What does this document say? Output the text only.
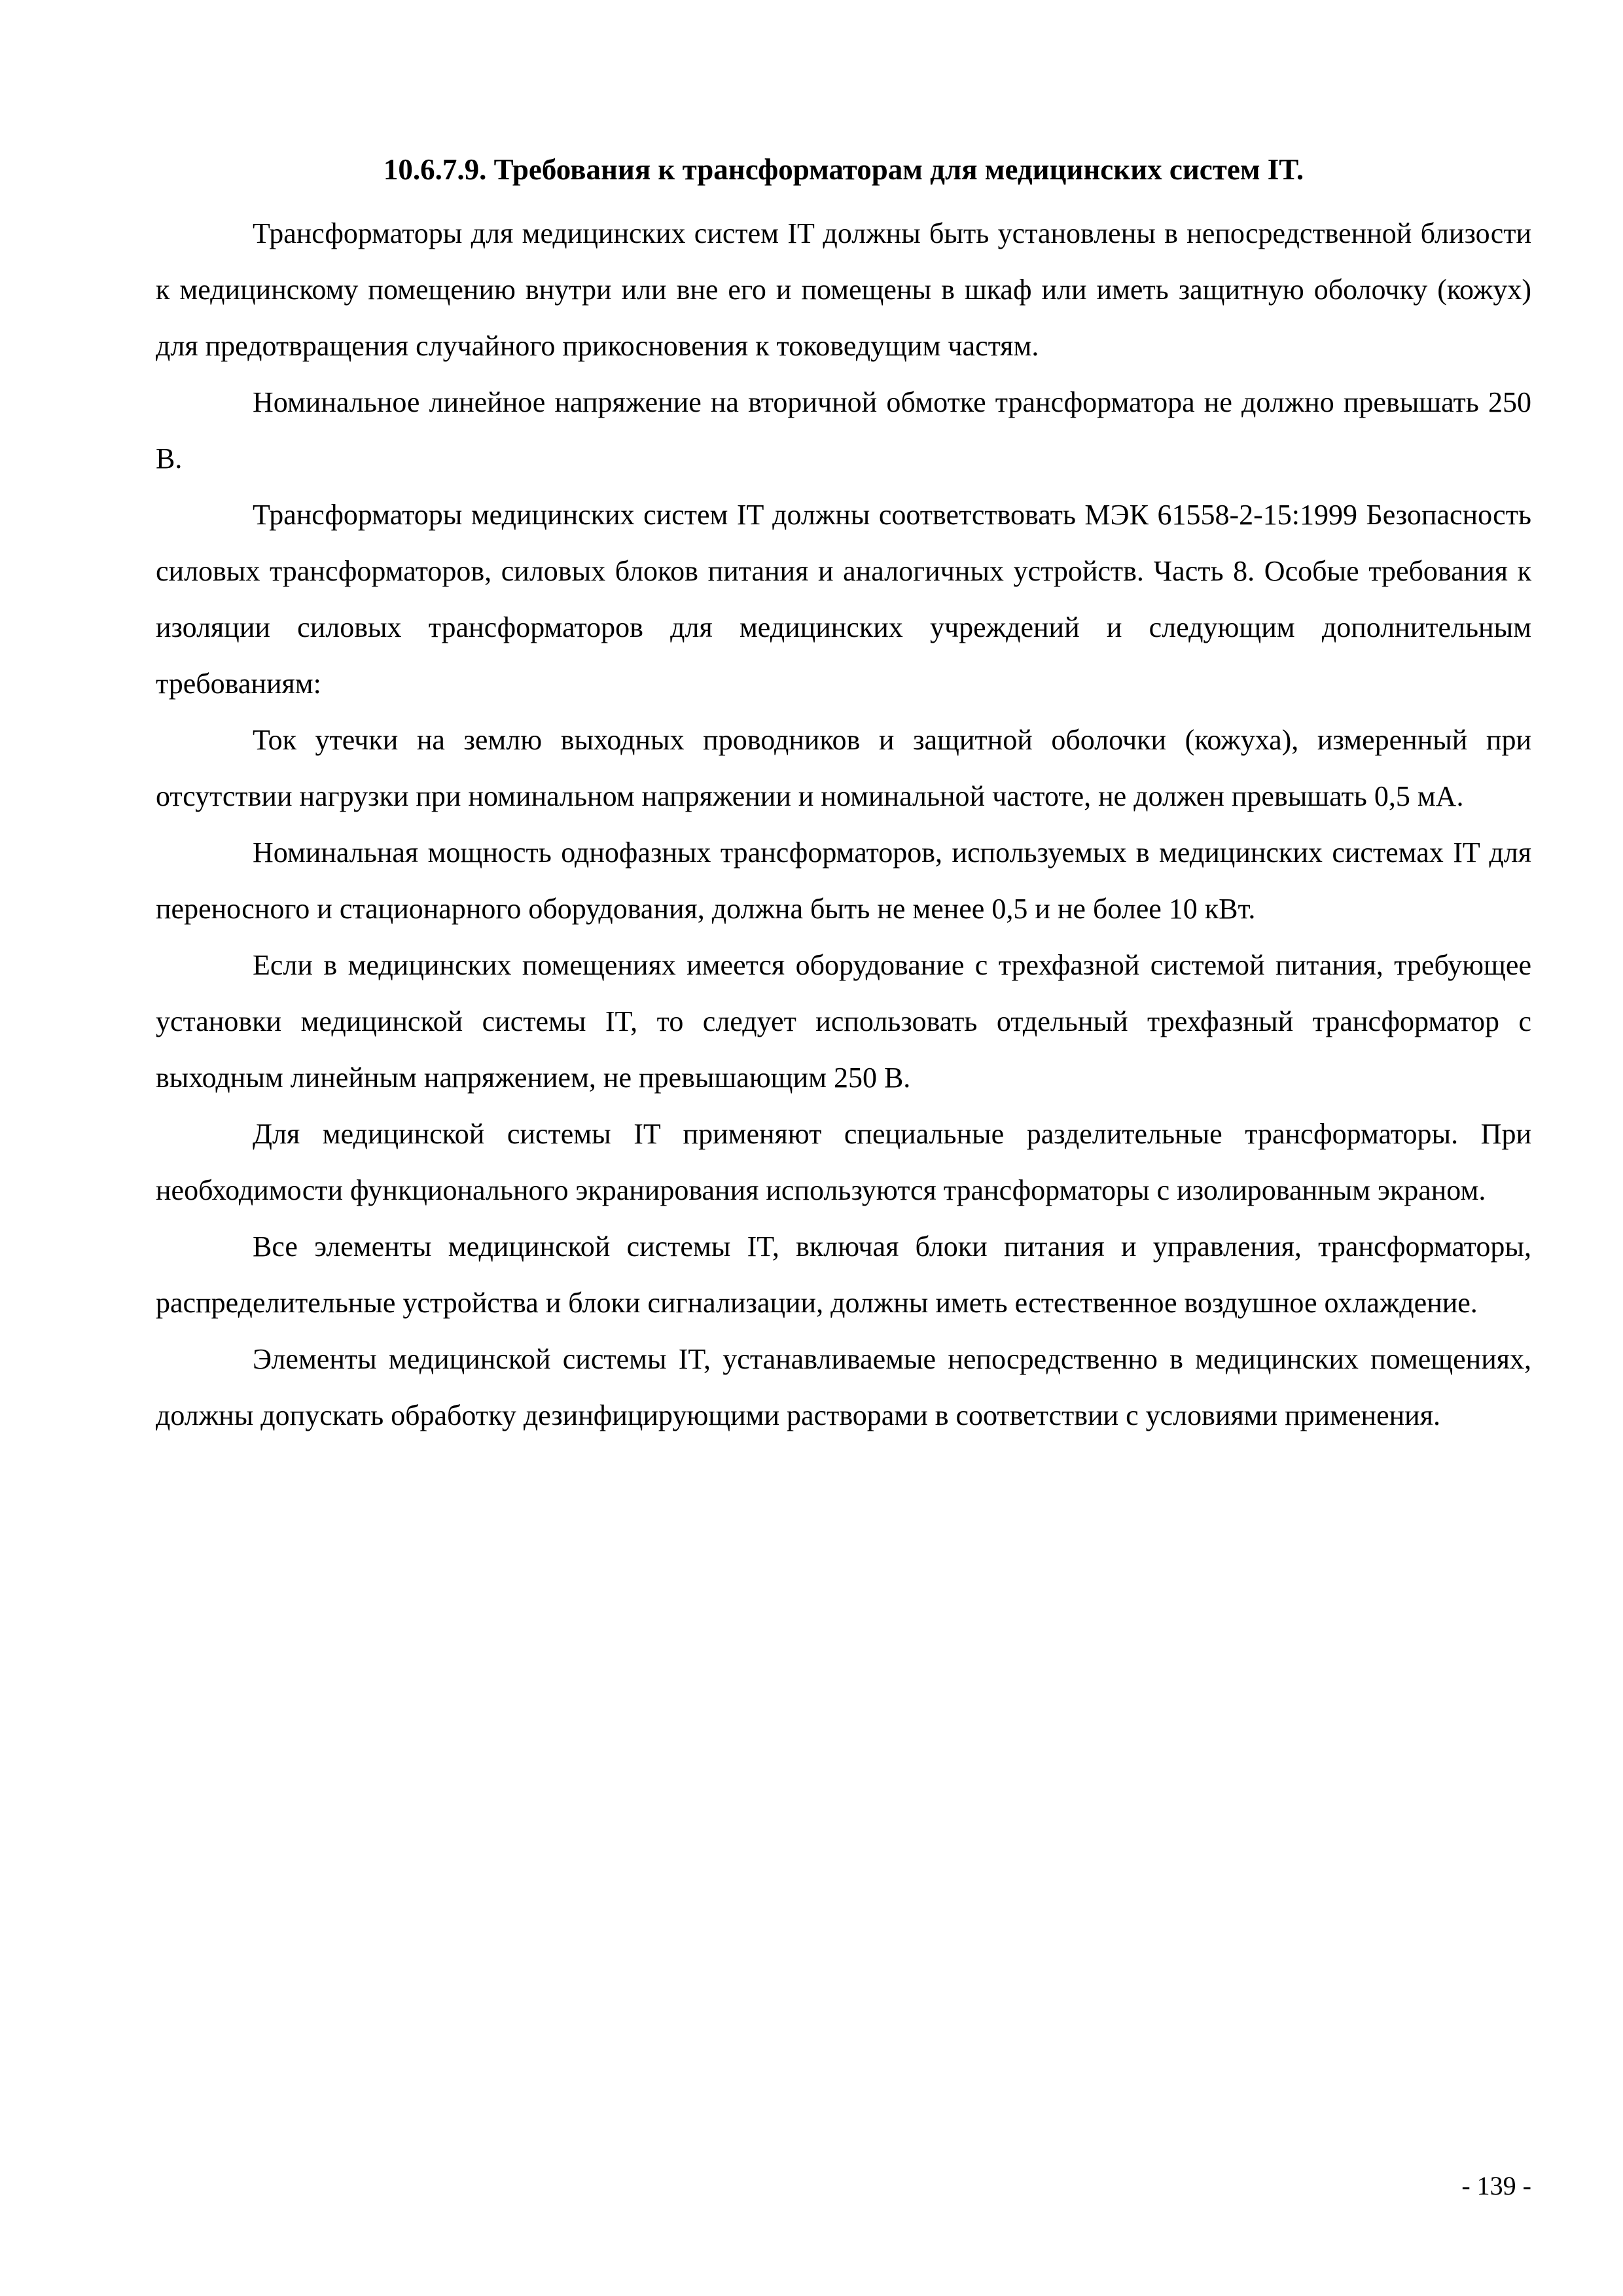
10.6.7.9. Требования к трансформаторам для медицинских систем IT.

Трансформаторы для медицинских систем IT должны быть установлены в непосредственной близости к медицинскому помещению внутри или вне его и помещены в шкаф или иметь защитную оболочку (кожух) для предотвращения случайного прикосновения к токоведущим частям.

Номинальное линейное напряжение на вторичной обмотке трансформатора не должно превышать 250 В.

Трансформаторы медицинских систем IT должны соответствовать МЭК 61558-2-15:1999 Безопасность силовых трансформаторов, силовых блоков питания и аналогичных устройств. Часть 8. Особые требования к изоляции силовых трансформаторов для медицинских учреждений и следующим дополнительным требованиям:

Ток утечки на землю выходных проводников и защитной оболочки (кожуха), измеренный при отсутствии нагрузки при номинальном напряжении и номинальной частоте, не должен превышать 0,5 мА.

Номинальная мощность однофазных трансформаторов, используемых в медицинских системах IT для переносного и стационарного оборудования, должна быть не менее 0,5 и не более 10 кВт.

Если в медицинских помещениях имеется оборудование с трехфазной системой питания, требующее установки медицинской системы IT, то следует использовать отдельный трехфазный трансформатор с выходным линейным напряжением, не превышающим 250 В.

Для медицинской системы IT применяют специальные разделительные трансформаторы. При необходимости функционального экранирования используются трансформаторы с изолированным экраном.

Все элементы медицинской системы IT, включая блоки питания и управления, трансформаторы, распределительные устройства и блоки сигнализации, должны иметь естественное воздушное охлаждение.

Элементы медицинской системы IT, устанавливаемые непосредственно в медицинских помещениях, должны допускать обработку дезинфицирующими растворами в соответствии с условиями применения.

- 139 -
